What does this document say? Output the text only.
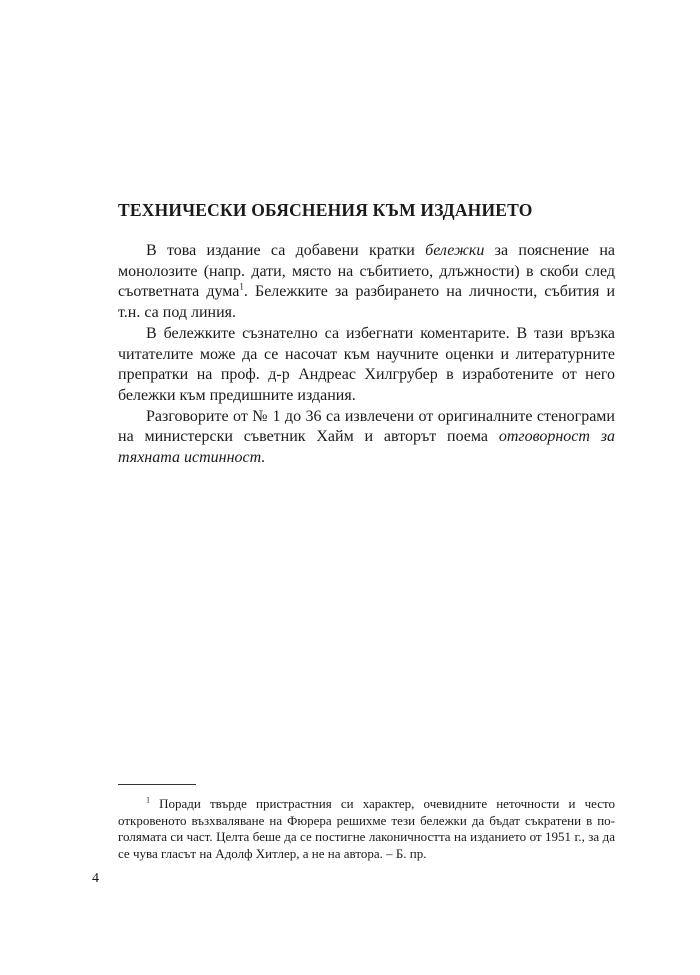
ТЕХНИЧЕСКИ ОБЯСНЕНИЯ КЪМ ИЗДАНИЕТО

В това издание са добавени кратки бележки за пояснение на монолозите (напр. дати, място на събитието, длъжности) в скоби след съответната дума$^1$. Бележките за разбирането на личности, събития и т.н. са под линия.

В бележките съзнателно са избегнати коментарите. В тази връзка читателите може да се насочат към научните оценки и литературните препратки на проф. д-р Андреас Хилгрубер в изработените от него бележки към предишните издания.

Разговорите от № 1 до 36 са извлечени от оригиналните стенограми на министерски съветник Хайм и авторът поема отговорност за тяхната истинност.

$^1$ Поради твърде пристрастния си характер, очевидните неточности и често откровеното възхваляване на Фюрера решихме тези бележки да бъдат съкратени в по-голямата си част. Целта беше да се постигне лаконичността на изданието от 1951 г., за да се чува гласът на Адолф Хитлер, а не на автора. – Б. пр.

4
